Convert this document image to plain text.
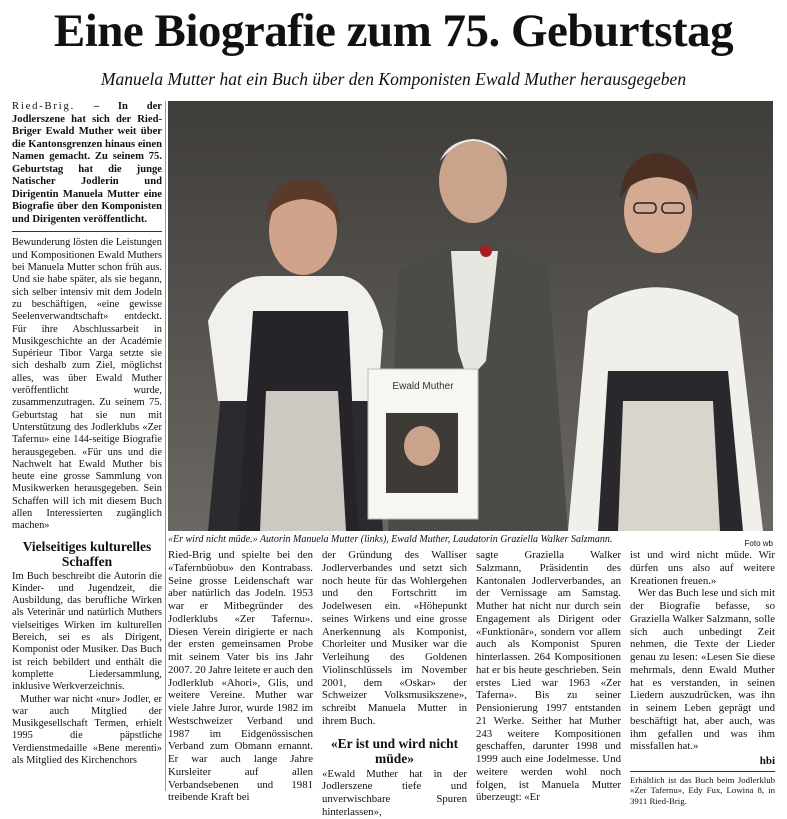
Eine Biografie zum 75. Geburtstag
Manuela Mutter hat ein Buch über den Komponisten Ewald Muther herausgegeben

Ried-Brig. – In der Jodlerszene hat sich der Ried-Briger Ewald Muther weit über die Kantonsgrenzen hinaus einen Namen gemacht. Zu seinem 75. Geburtstag hat die junge Natischer Jodlerin und Dirigentin Manuela Mutter eine Biografie über den Komponisten und Dirigenten veröffentlicht.

Bewunderung lösten die Leistungen und Kompositionen Ewald Muthers bei Manuela Mutter schon früh aus. Und sie habe später, als sie begann, sich selber intensiv mit dem Jodeln zu beschäftigen, «eine gewisse Seelenverwandtschaft» entdeckt. Für ihre Abschlussarbeit in Musikgeschichte an der Académie Supérieur Tibor Varga setzte sie sich deshalb zum Ziel, möglichst alles, was über Ewald Muther veröffentlicht wurde, zusammenzutragen. Zu seinem 75. Geburtstag hat sie nun mit Unterstützung des Jodlerklubs «Zer Tafernu» eine 144-seitige Biografie herausgegeben. «Für uns und die Nachwelt hat Ewald Muther bis heute eine grosse Sammlung von Musikwerken herausgegeben. Sein Schaffen will ich mit diesem Buch allen Interessierten zugänglich machen»

Vielseitiges kulturelles Schaffen

Im Buch beschreibt die Autorin die Kinder- und Jugendzeit, die Ausbildung, das berufliche Wirken als Veterinär und natürlich Muthers vielseitiges Wirken im kulturellen Bereich, sei es als Dirigent, Komponist oder Musiker. Das Buch ist reich bebildert und enthält die komplette Liedersammlung, inklusive Werkverzeichnis.

Muther war nicht «nur» Jodler, er war auch Mitglied der Musikgesellschaft Termen, erhielt 1995 die päpstliche Verdienstmedaille «Bene merenti» als Mitglied des Kirchenchors

Ewald Muther
«Er wird nicht müde.» Autorin Manuela Mutter (links), Ewald Muther, Laudatorin Graziella Walker Salzmann.	Foto wb

Ried-Brig und spielte bei den «Tafernbüobu» den Kontrabass. Seine grosse Leidenschaft war aber natürlich das Jodeln. 1953 war er Mitbegründer des Jodlerklubs «Zer Tafernu». Diesen Verein dirigierte er nach der ersten gemeinsamen Probe mit seinem Vater bis ins Jahr 2007. 20 Jahre leitete er auch den Jodlerklub «Ahori», Glis, und weitere Vereine. Muther war viele Jahre Juror, wurde 1982 im Westschweizer Verband und 1987 im Eidgenössischen Verband zum Obmann ernannt. Er war auch lange Jahre Kursleiter auf allen Verbandsebenen und 1981 treibende Kraft bei

der Gründung des Walliser Jodlerverbandes und setzt sich noch heute für das Wohlergehen und den Fortschritt im Jodelwesen ein. «Höhepunkt seines Wirkens und eine grosse Anerkennung als Komponist, Chorleiter und Musiker war die Verleihung des Goldenen Violinschlüssels im November 2001, dem «Oskar» der Schweizer Volksmusikszene», schreibt Manuela Mutter in ihrem Buch.

«Er ist und wird nicht müde»

«Ewald Muther hat in der Jodlerszene tiefe und unverwischbare Spuren hinterlassen»,

sagte Graziella Walker Salzmann, Präsidentin des Kantonalen Jodlerverbandes, an der Vernissage am Samstag. Muther hat nicht nur durch sein Engagement als Dirigent oder «Funktionär», sondern vor allem auch als Komponist Spuren hinterlassen. 264 Kompositionen hat er bis heute geschrieben. Sein erstes Lied war 1963 «Zer Taferna». Bis zu seiner Pensionierung 1997 entstanden 21 Werke. Seither hat Muther 243 weitere Kompositionen geschaffen, darunter 1998 und 1999 auch eine Jodelmesse. Und weitere werden wohl noch folgen, ist Manuela Mutter überzeugt: «Er

ist und wird nicht müde. Wir dürfen uns also auf weitere Kreationen freuen.»

Wer das Buch lese und sich mit der Biografie befasse, so Graziella Walker Salzmann, solle sich auch unbedingt Zeit nehmen, die Texte der Lieder genau zu lesen: «Lesen Sie diese mehrmals, denn Ewald Muther hat es verstanden, in seinen Liedern auszudrücken, was ihn in seinem Leben geprägt und beschäftigt hat, aber auch, was ihm gefallen und was ihm missfallen hat.»

hbi

Erhältlich ist das Buch beim Jodlerklub «Zer Tafernu», Edy Fux, Lowina 8, in 3911 Ried-Brig.
